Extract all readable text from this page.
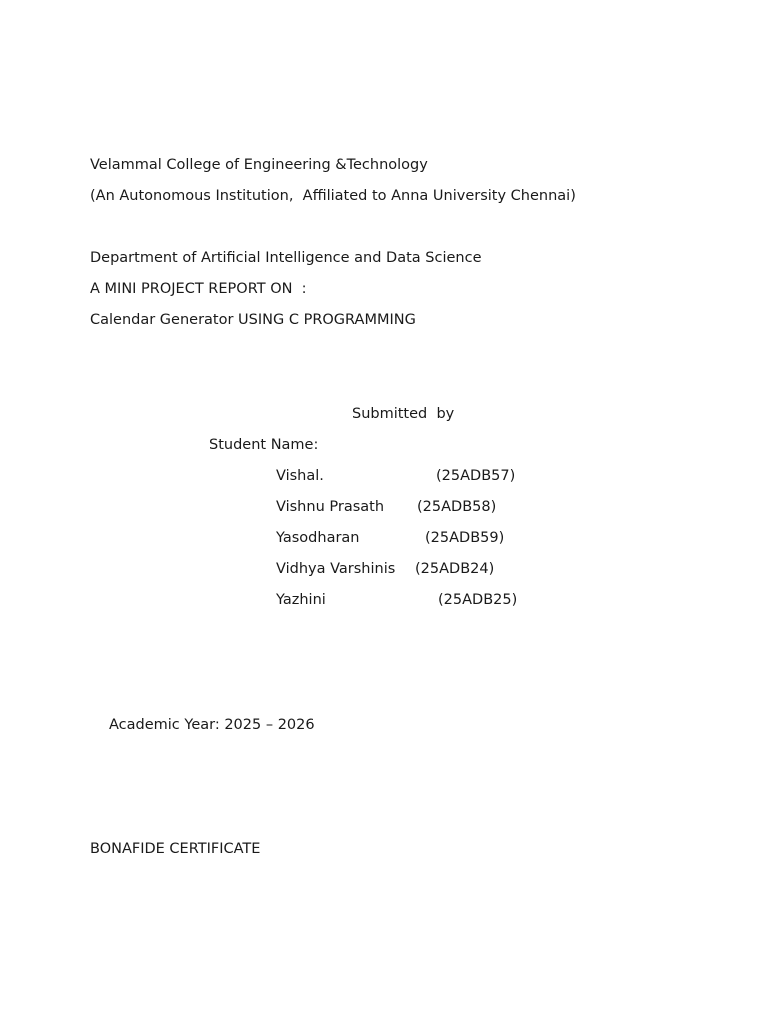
Velammal College of Engineering &Technology
(An Autonomous Institution,  Affiliated to Anna University Chennai)
Department of Artificial Intelligence and Data Science
A MINI PROJECT REPORT ON  :
Calendar Generator USING C PROGRAMMING
Submitted  by
Student Name:
Vishal.	(25ADB57)
Vishnu Prasath (25ADB58)
Yasodharan	(25ADB59)
Vidhya Varshinis (25ADB24)
Yazhini	(25ADB25)
Academic Year: 2025 – 2026
BONAFIDE CERTIFICATE
